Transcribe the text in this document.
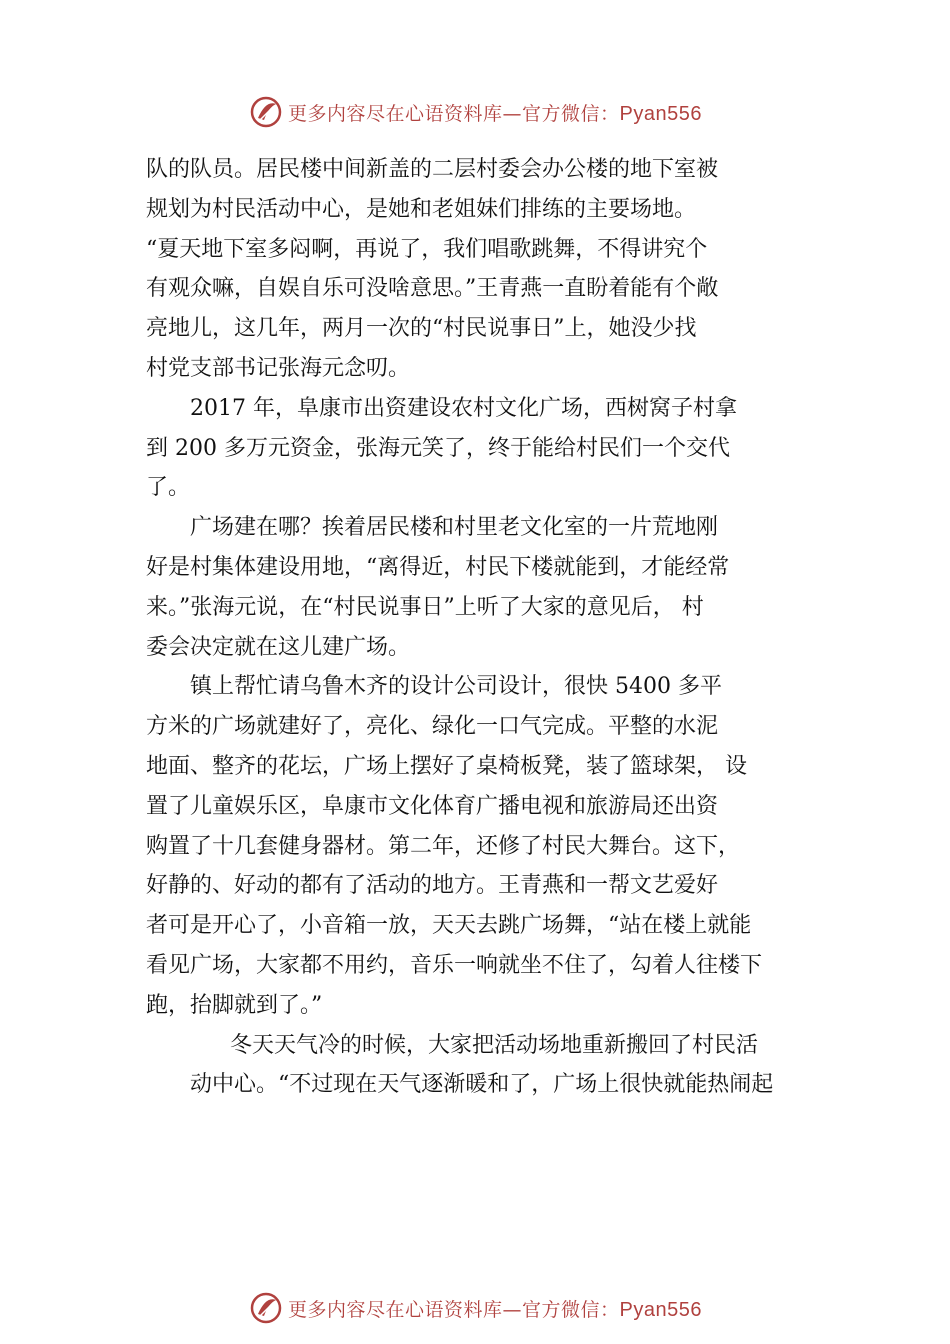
更多内容尽在心语资料库—官方微信：Pyan556
队的队员。居民楼中间新盖的二层村委会办公楼的地下室被
规划为村民活动中心，是她和老姐妹们排练的主要场地。
“夏天地下室多闷啊，再说了，我们唱歌跳舞，不得讲究个
有观众嘛，自娱自乐可没啥意思。”王青燕一直盼着能有个敞
亮地儿，这几年，两月一次的“村民说事日”上，她没少找
村党支部书记张海元念叨。
2017 年，阜康市出资建设农村文化广场，西树窝子村拿
到 200 多万元资金，张海元笑了，终于能给村民们一个交代
了。
广场建在哪？挨着居民楼和村里老文化室的一片荒地刚
好是村集体建设用地，“离得近，村民下楼就能到，才能经常
来。”张海元说，在“村民说事日”上听了大家的意见后， 村
委会决定就在这儿建广场。
镇上帮忙请乌鲁木齐的设计公司设计，很快 5400 多平
方米的广场就建好了，亮化、绿化一口气完成。平整的水泥
地面、整齐的花坛，广场上摆好了桌椅板凳，装了篮球架， 设
置了儿童娱乐区，阜康市文化体育广播电视和旅游局还出资
购置了十几套健身器材。第二年，还修了村民大舞台。这下，
好静的、好动的都有了活动的地方。王青燕和一帮文艺爱好
者可是开心了，小音箱一放，天天去跳广场舞，“站在楼上就能
看见广场，大家都不用约，音乐一响就坐不住了，勾着人往楼下
跑，抬脚就到了。”
冬天天气冷的时候，大家把活动场地重新搬回了村民活
动中心。“不过现在天气逐渐暖和了，广场上很快就能热闹起
更多内容尽在心语资料库—官方微信：Pyan556
